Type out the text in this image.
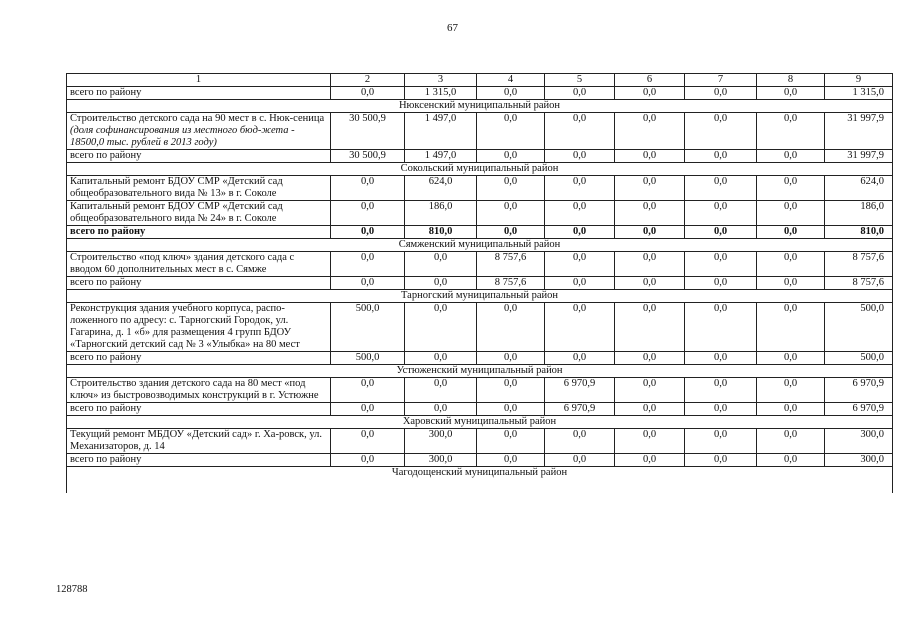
67
1	2	3	4	5	6	7	8	9
всего по району	0,0	1 315,0	0,0	0,0	0,0	0,0	0,0	1 315,0
Нюксенский муниципальный район								
Строительство детского сада на 90 мест в с. Нюк-сеница (доля софинансирования из местного бюд-жета - 18500,0 тыс. рублей в 2013 году)	30 500,9	1 497,0	0,0	0,0	0,0	0,0	0,0	31 997,9
всего по району	30 500,9	1 497,0	0,0	0,0	0,0	0,0	0,0	31 997,9
Сокольский муниципальный район								
Капитальный ремонт БДОУ СМР «Детский сад общеобразовательного вида № 13» в г. Соколе	0,0	624,0	0,0	0,0	0,0	0,0	0,0	624,0
Капитальный ремонт БДОУ СМР «Детский сад общеобразовательного вида № 24» в г. Соколе	0,0	186,0	0,0	0,0	0,0	0,0	0,0	186,0
всего по району	0,0	810,0	0,0	0,0	0,0	0,0	0,0	810,0
Сямженский муниципальный район								
Строительство «под ключ» здания детского сада с вводом 60 дополнительных мест в с. Сямже	0,0	0,0	8 757,6	0,0	0,0	0,0	0,0	8 757,6
всего по району	0,0	0,0	8 757,6	0,0	0,0	0,0	0,0	8 757,6
Тарногский муниципальный район								
Реконструкция здания учебного корпуса, распо-ложенного по адресу: с. Тарногский Городок, ул. Гагарина, д. 1 «б» для размещения 4 групп БДОУ «Тарногский детский сад № 3 «Улыбка» на 80 мест	500,0	0,0	0,0	0,0	0,0	0,0	0,0	500,0
всего по району	500,0	0,0	0,0	0,0	0,0	0,0	0,0	500,0
Устюженский муниципальный район								
Строительство здания детского сада на 80 мест «под ключ» из быстровозводимых конструкций в г. Устюжне	0,0	0,0	0,0	6 970,9	0,0	0,0	0,0	6 970,9
всего по району	0,0	0,0	0,0	6 970,9	0,0	0,0	0,0	6 970,9
Харовский муниципальный район								
Текущий ремонт МБДОУ «Детский сад» г. Ха-ровск, ул. Механизаторов, д. 14	0,0	300,0	0,0	0,0	0,0	0,0	0,0	300,0
всего по району	0,0	300,0	0,0	0,0	0,0	0,0	0,0	300,0
Чагодощенский муниципальный район								
128788
